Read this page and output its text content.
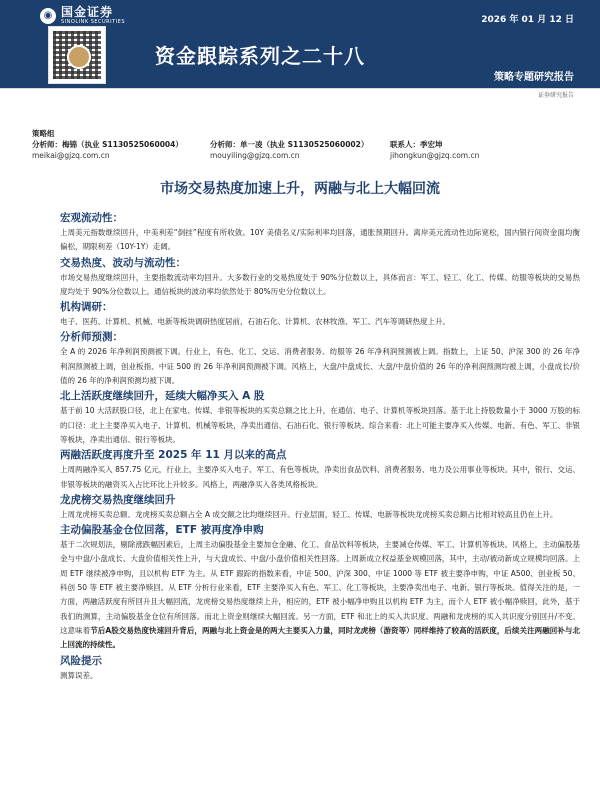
◉ 国金证券
SINOLINK SECURITIES	2026 年 01 月 12 日
资金跟踪系列之二十八
策略专题研究报告
证券研究报告
策略组
分析师：梅锦（执业 S1130525060004）	分析师：单一凌（执业 S1130525060002）	联系人：季宏坤
meikai@gjzq.com.cn	mouyiling@gjzq.com.cn	jihongkun@gjzq.com.cn
市场交易热度加速上升，两融与北上大幅回流
宏观流动性：
上周美元指数继续回升，中美利差“倒挂”程度有所收敛。10Y 美债名义/实际利率均回落，通胀预期回升。离岸美元流动性边际宽松，国内银行间资金面均衡偏松，期限利差（10Y-1Y）走阔。
交易热度、波动与流动性：
市场交易热度继续回升，主要指数流动率均回升。大多数行业的交易热度处于 90%分位数以上，具体而言：军工、轻工、化工、传媒、纺服等板块的交易热度均处于 90%分位数以上。通信板块的波动率均依然处于 80%历史分位数以上。
机构调研：
电子、医药、计算机、机械、电新等板块调研热度居前，石油石化、计算机、农林牧渔、军工、汽车等调研热度上升。
分析师预测：
全 A 的 2026 年净利润预测被下调。行业上，有色、化工、交运、消费者服务、纺服等 26 年净利润预测被上调。指数上，上证 50、沪深 300 的 26 年净利润预测被上调，创业板指、中证 500 的 26 年净利润预测被下调。风格上，大盘/中盘成长、大盘/中盘价值的 26 年的净利润预测均被上调，小盘成长/价值的 26 年的净利润预测均被下调。
北上活跃度继续回升，延续大幅净买入 A 股
基于前 10 大活跃股口径，北上在家电、传媒、非银等板块的买卖总额之比上升，在通信、电子、计算机等板块回落。基于北上持股数量小于 3000 万股的标的口径：北上主要净买入电子、计算机、机械等板块，净卖出通信、石油石化、银行等板块。综合来看：北上可能主要净买入传媒、电新、有色、军工、非银等板块，净卖出通信、银行等板块。
两融活跃度再度升至 2025 年 11 月以来的高点
上周两融净买入 857.75 亿元，行业上，主要净买入电子、军工、有色等板块，净卖出食品饮料、消费者服务、电力及公用事业等板块。其中，银行、交运、非银等板块的融资买入占比环比上升较多。风格上，两融净买入各类风格板块。
龙虎榜交易热度继续回升
上周龙虎榜买卖总额、龙虎榜买卖总额占全 A 成交额之比均继续回升。行业层面，轻工、传媒、电新等板块龙虎榜买卖总额占比相对较高且仍在上升。
主动偏股基金仓位回落，ETF 被再度净申购
基于二次规划法，剔除涨跌幅因素后，上周主动偏股基金主要加仓金融、化工、食品饮料等板块，主要减仓传媒、军工、计算机等板块。风格上，主动偏股基金与中盘/小盘成长、大盘价值相关性上升，与大盘成长、中盘/小盘价值相关性回落。上周新成立权益基金规模回落，其中，主动/被动新成立规模均回落。上周 ETF 继续被净申购，且以机构 ETF 为主。从 ETF 跟踪的指数来看，中证 500、沪深 300、中证 1000 等 ETF 被主要净申购，中证 A500、创业板 50、科创 50 等 ETF 被主要净赎回。从 ETF 分析行业来看，ETF 主要净买入有色、军工、化工等板块，主要净卖出电子、电新、银行等板块。值得关注的是，一方面，两融活跃度有所回升且大幅回流，龙虎榜交易热度继续上升，相应的，ETF 被小幅净申购且以机构 ETF 为主，而个人 ETF 被小幅净赎回，此外，基于我们的测算，主动偏股基金仓位有所回落。而北上资金则继续大幅回流。另一方面，ETF 和北上的买入共识度、两融和龙虎榜的买入共识度分别回升/不变。这意味着节后A股交易热度快速回升背后，两融与北上资金是的两大主要买入力量，同时龙虎榜（游资等）同样维持了较高的活跃度，后续关注两融回补与北上回流的持续性。
风险提示
测算误差。
